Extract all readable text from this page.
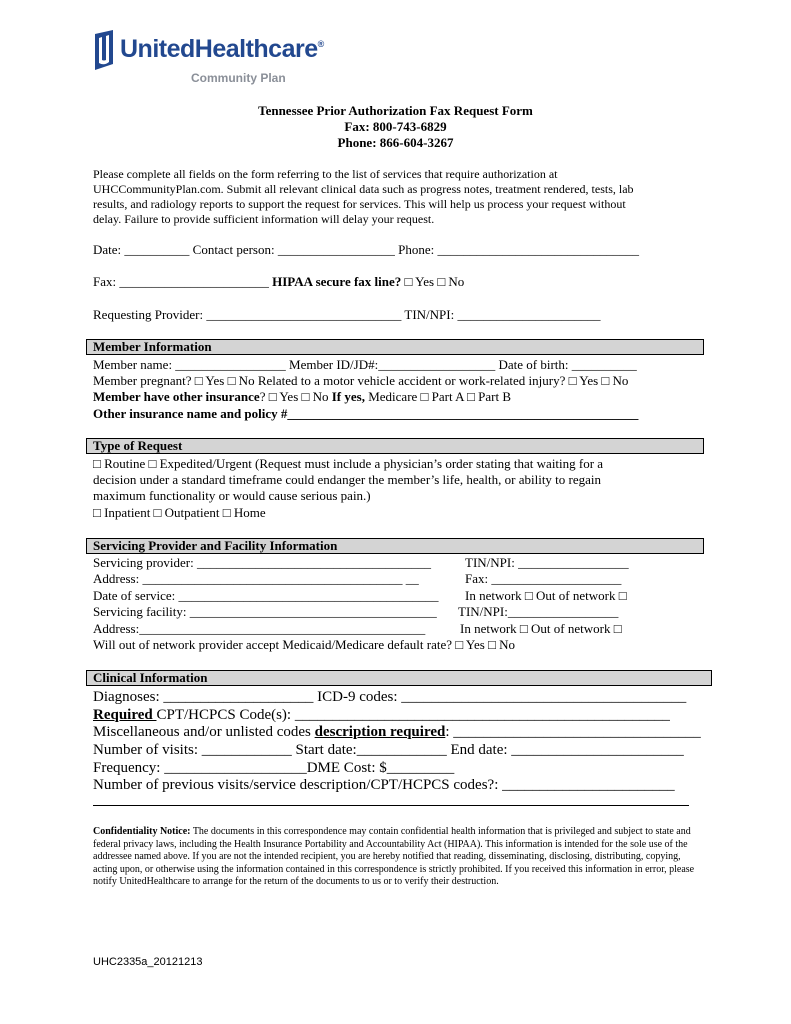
UnitedHealthcare®
Community Plan
Tennessee Prior Authorization Fax Request Form
Fax: 800-743-6829
Phone: 866-604-3267
Please complete all fields on the form referring to the list of services that require authorization at
UHCCommunityPlan.com. Submit all relevant clinical data such as progress notes, treatment rendered, tests, lab
results, and radiology reports to support the request for services. This will help us process your request without
delay. Failure to provide sufficient information will delay your request.
Date: __________ Contact person: __________________ Phone: _______________________________
Fax: _______________________ HIPAA secure fax line? □ Yes □ No
Requesting Provider: ______________________________ TIN/NPI: ______________________
Member Information
Member name: _________________ Member ID/JD#:__________________ Date of birth: __________
Member pregnant? □ Yes □ No Related to a motor vehicle accident or work-related injury? □ Yes □ No
Member have other insurance? □ Yes □ No If yes, Medicare □ Part A □ Part B
Other insurance name and policy #______________________________________________________
Type of Request
□ Routine □ Expedited/Urgent (Request must include a physician’s order stating that waiting for a
decision under a standard timeframe could endanger the member’s life, health, or ability to regain
maximum functionality or would cause serious pain.)
□ Inpatient □ Outpatient □ Home
Servicing Provider and Facility Information
Servicing provider: ____________________________________	TIN/NPI: _________________
Address: ________________________________________ __	Fax: ____________________
Date of service: ________________________________________ In network □ Out of network □
Servicing facility: ______________________________________ TIN/NPI:_________________
Address:____________________________________________	In network □ Out of network □
Will out of network provider accept Medicaid/Medicare default rate? □ Yes □ No
Clinical Information
Diagnoses: ____________________ ICD-9 codes: ______________________________________
Required CPT/HCPCS Code(s): __________________________________________________
Miscellaneous and/or unlisted codes description required: _________________________________
Number of visits: ____________ Start date:____________ End date: _______________________
Frequency: ___________________DME Cost: $_________
Number of previous visits/service description/CPT/HCPCS codes?: _______________________
Confidentiality Notice: The documents in this correspondence may contain confidential health information that is privileged and subject to state and federal privacy laws, including the Health Insurance Portability and Accountability Act (HIPAA). This information is intended for the sole use of the addressee named above. If you are not the intended recipient, you are hereby notified that reading, disseminating, disclosing, distributing, copying, acting upon, or otherwise using the information contained in this correspondence is strictly prohibited. If you received this information in error, please notify UnitedHealthcare to arrange for the return of the documents to us or to verify their destruction.
UHC2335a_20121213
